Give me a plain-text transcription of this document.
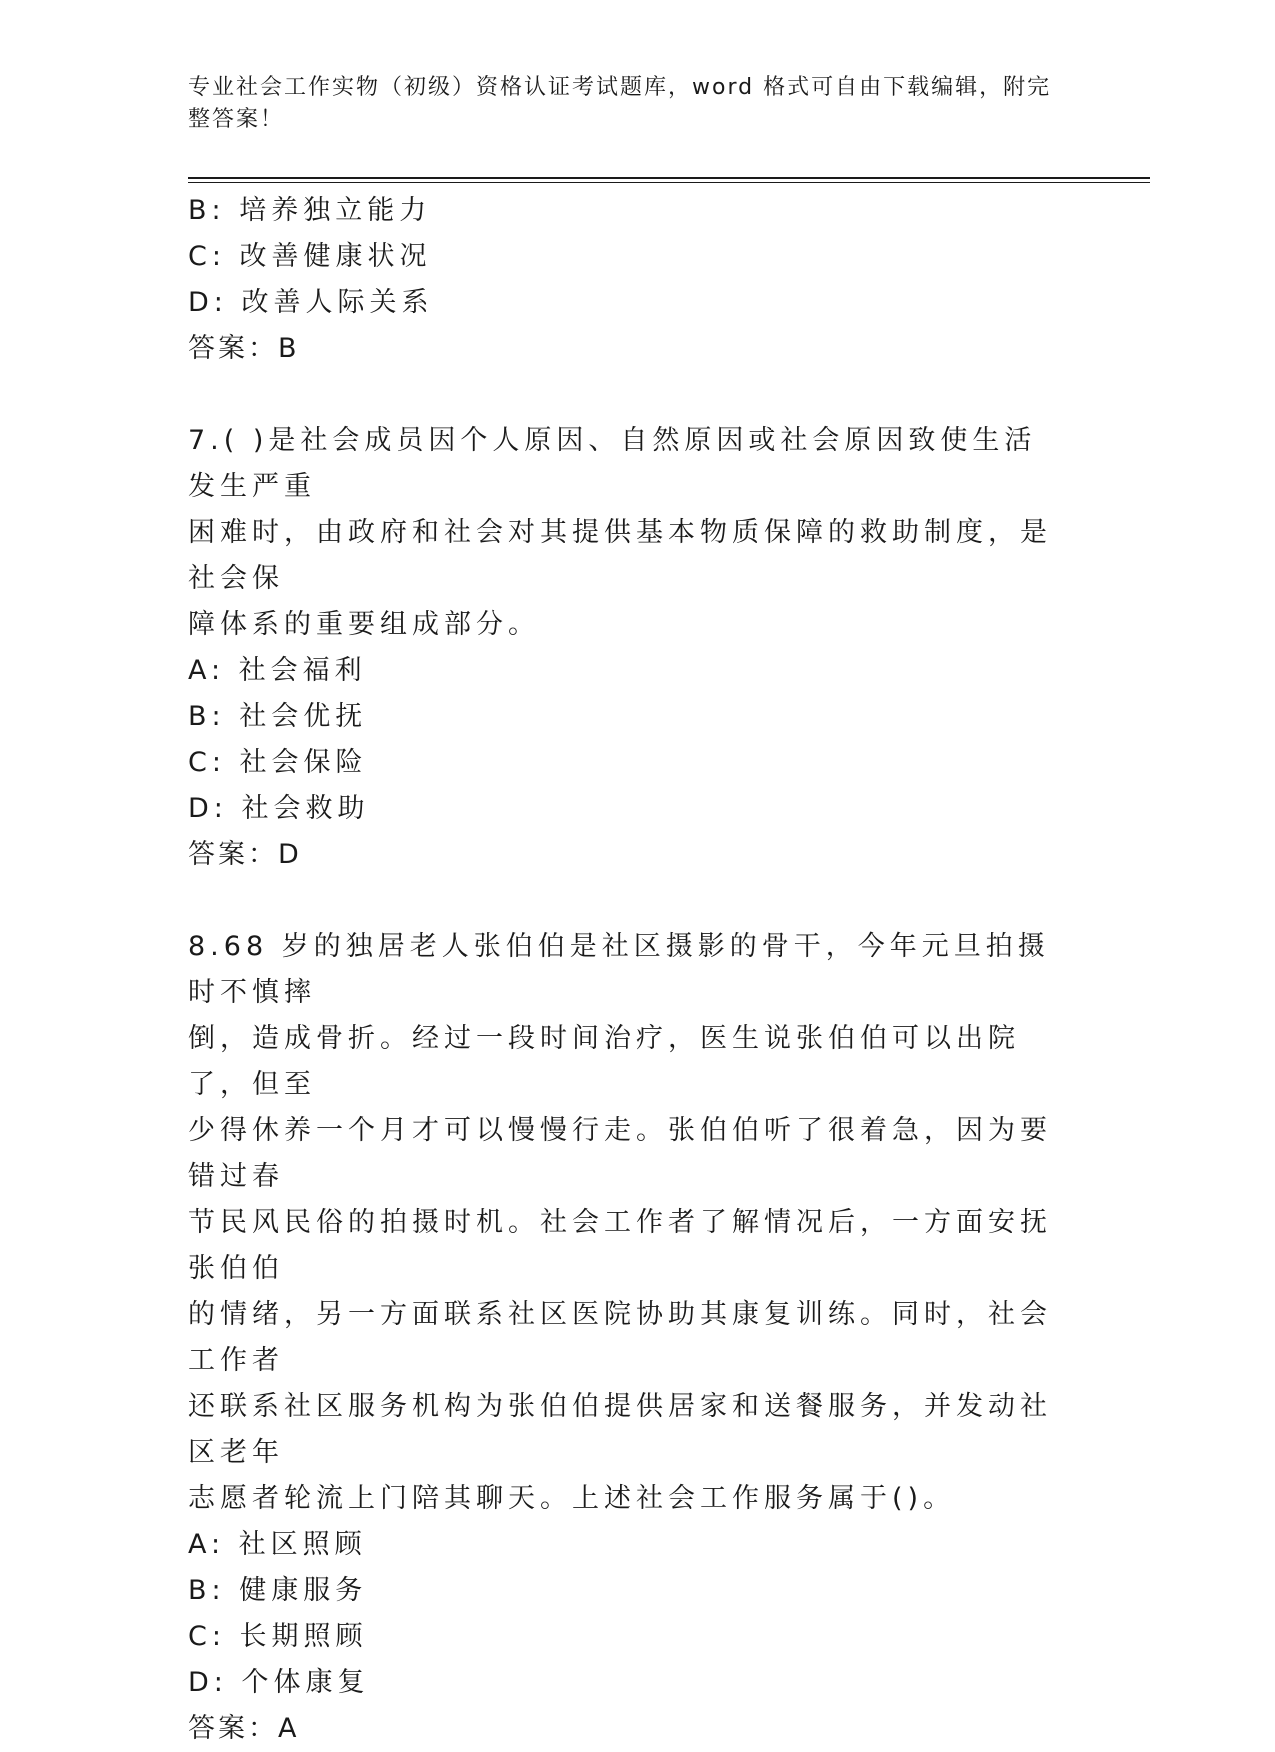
专业社会工作实物（初级）资格认证考试题库，word 格式可自由下载编辑，附完
整答案！
B: 培养独立能力
C: 改善健康状况
D: 改善人际关系
答案：B
7.( )是社会成员因个人原因、自然原因或社会原因致使生活发生严重
困难时，由政府和社会对其提供基本物质保障的救助制度，是社会保
障体系的重要组成部分。
A: 社会福利
B: 社会优抚
C: 社会保险
D: 社会救助
答案：D
8.68 岁的独居老人张伯伯是社区摄影的骨干，今年元旦拍摄时不慎摔
倒，造成骨折。经过一段时间治疗，医生说张伯伯可以出院了，但至
少得休养一个月才可以慢慢行走。张伯伯听了很着急，因为要错过春
节民风民俗的拍摄时机。社会工作者了解情况后，一方面安抚张伯伯
的情绪，另一方面联系社区医院协助其康复训练。同时，社会工作者
还联系社区服务机构为张伯伯提供居家和送餐服务，并发动社区老年
志愿者轮流上门陪其聊天。上述社会工作服务属于()。
A: 社区照顾
B: 健康服务
C: 长期照顾
D: 个体康复
答案：A
